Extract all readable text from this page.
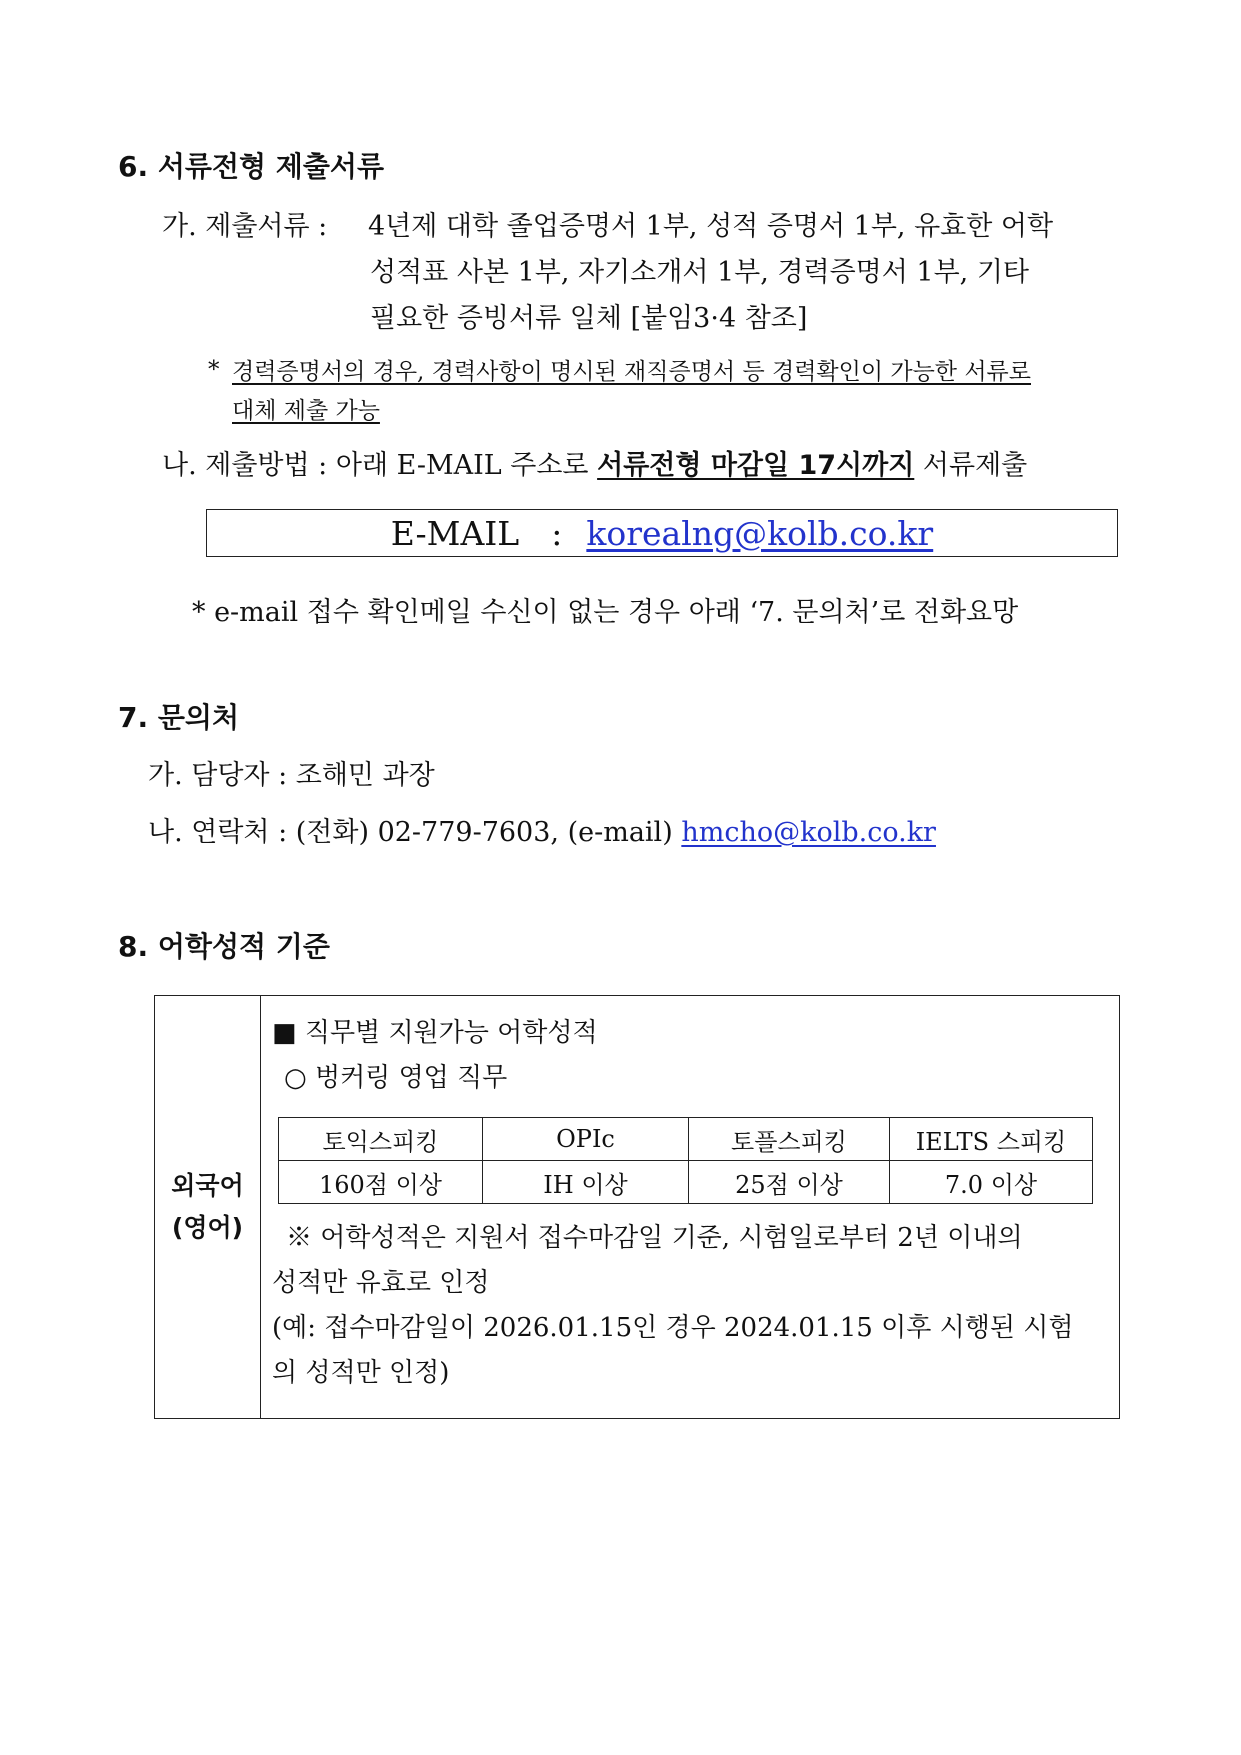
6. 서류전형 제출서류
가. 제출서류 : 4년제 대학 졸업증명서 1부, 성적 증명서 1부, 유효한 어학
성적표 사본 1부, 자기소개서 1부, 경력증명서 1부, 기타
필요한 증빙서류 일체 [붙임3·4 참조]
* 경력증명서의 경우, 경력사항이 명시된 재직증명서 등 경력확인이 가능한 서류로
대체 제출 가능
나. 제출방법 : 아래 E-MAIL 주소로 서류전형 마감일 17시까지 서류제출
E-MAIL : korealng@kolb.co.kr
* e-mail 접수 확인메일 수신이 없는 경우 아래 ‘7. 문의처’로 전화요망
7. 문의처
가. 담당자 : 조해민 과장
나. 연락처 : (전화) 02-779-7603, (e-mail) hmcho@kolb.co.kr
8. 어학성적 기준
외국어
(영어)
■ 직무별 지원가능 어학성적
○ 벙커링 영업 직무
토익스피킹	OPIc	토플스피킹	IELTS 스피킹
160점 이상	IH 이상	25점 이상	7.0 이상
※ 어학성적은 지원서 접수마감일 기준, 시험일로부터 2년 이내의
성적만 유효로 인정
(예: 접수마감일이 2026.01.15인 경우 2024.01.15 이후 시행된 시험
의 성적만 인정)
